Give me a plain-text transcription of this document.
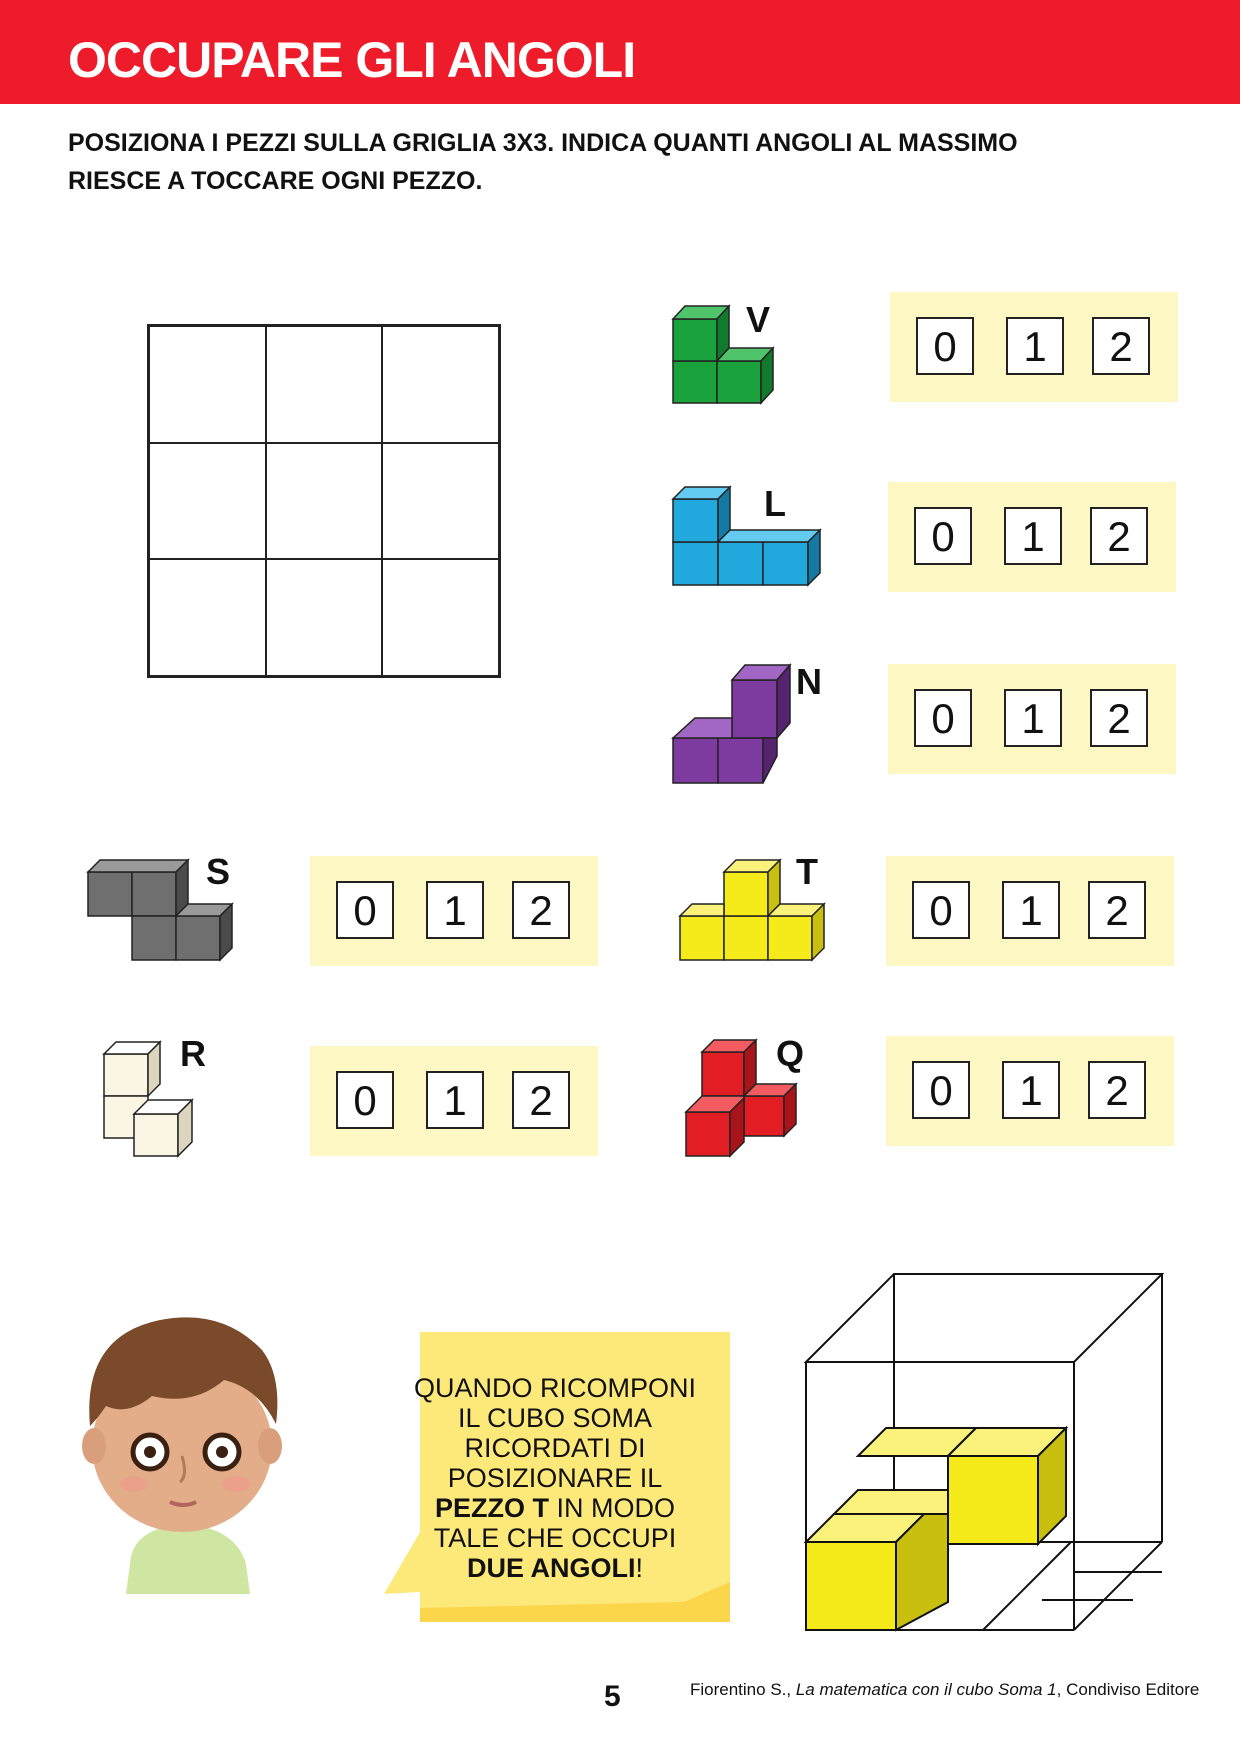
OCCUPARE GLI ANGOLI
POSIZIONA I PEZZI SULLA GRIGLIA 3X3. INDICA QUANTI ANGOLI AL MASSIMO
RIESCE A TOCCARE OGNI PEZZO.
V
0	1	2
L
0	1	2
N
0	1	2
S
0	1	2
T
0	1	2
R
0	1	2
Q
0	1	2
QUANDO RICOMPONI
IL CUBO SOMA
RICORDATI DI
POSIZIONARE IL
PEZZO T IN MODO
TALE CHE OCCUPI
DUE ANGOLI!
5	Fiorentino S., La matematica con il cubo Soma 1, Condiviso Editore
